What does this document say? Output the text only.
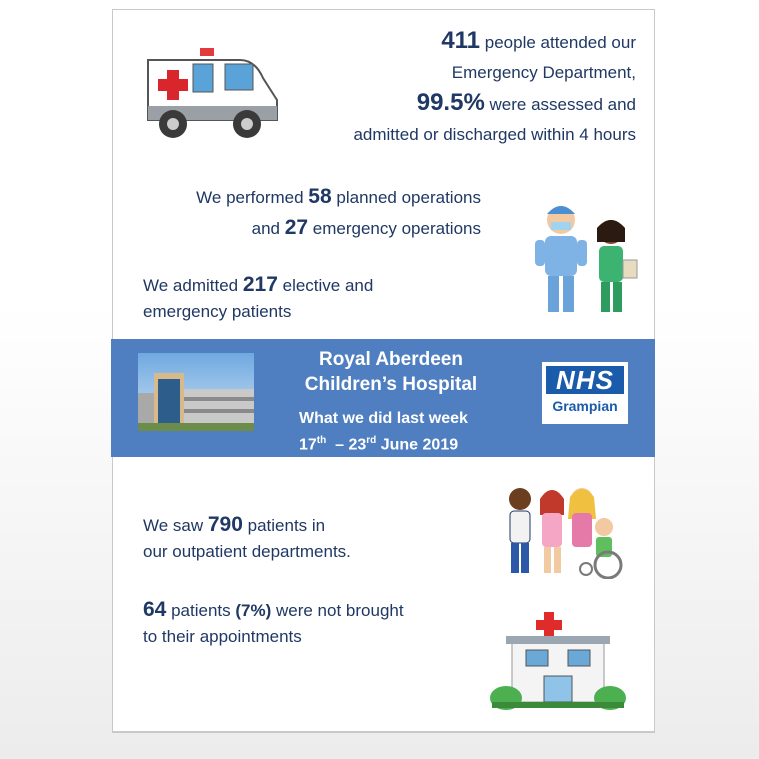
411 people attended our
Emergency Department,
99.5% were assessed and
admitted or discharged within 4 hours
We performed 58 planned operations
and 27 emergency operations
We admitted 217 elective and
emergency patients
Royal Aberdeen
Children’s Hospital
What we did last week
17th  – 23rd June 2019
NHS
Grampian
We saw 790 patients in
our outpatient departments.
64 patients (7%) were not brought
to their appointments
